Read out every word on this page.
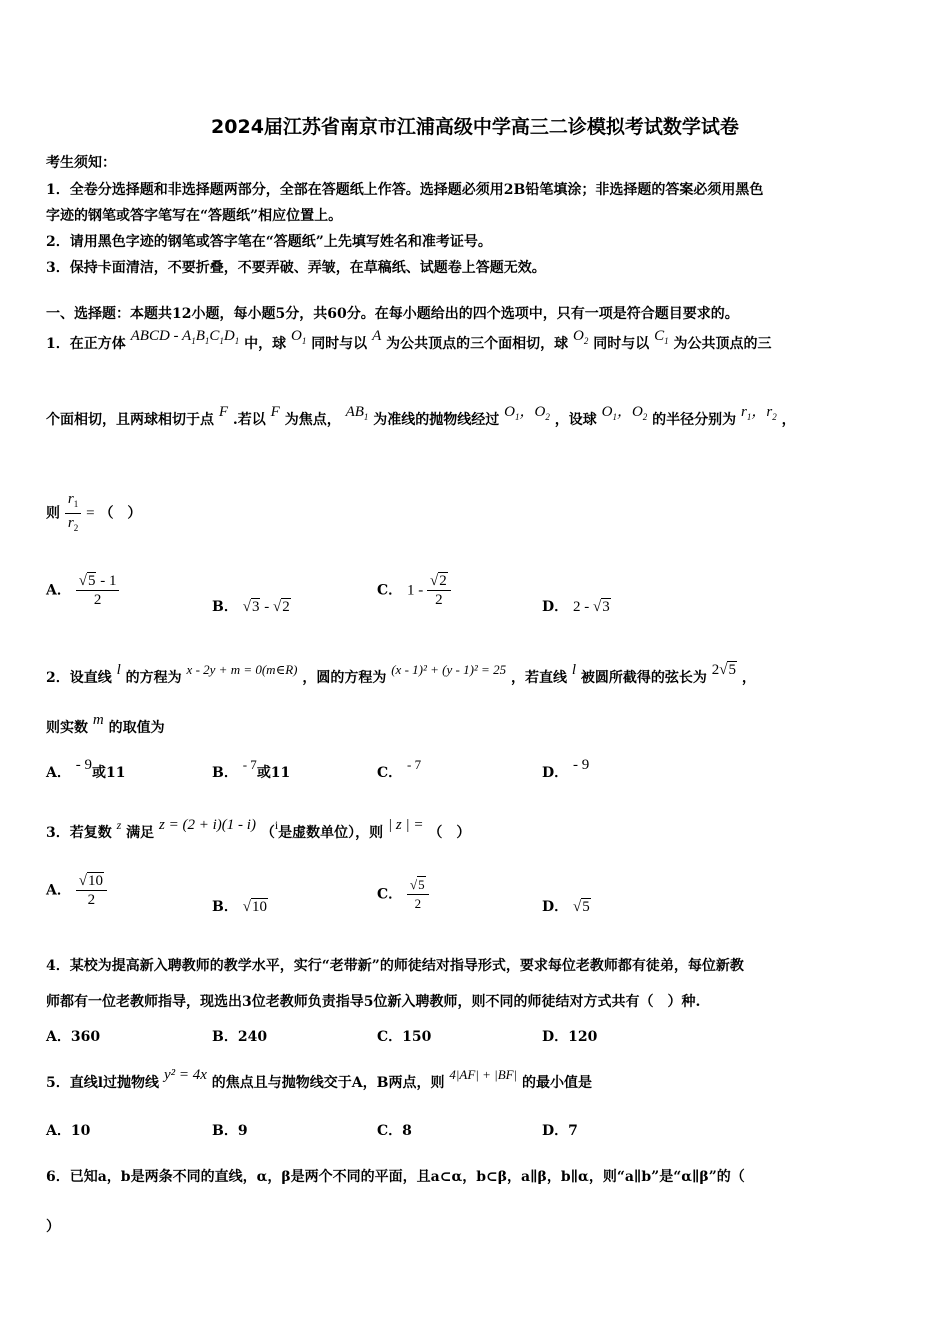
2024届江苏省南京市江浦高级中学高三二诊模拟考试数学试卷
考生须知：
1．全卷分选择题和非选择题两部分，全部在答题纸上作答。选择题必须用2B铅笔填涂；非选择题的答案必须用黑色
字迹的钢笔或答字笔写在“答题纸”相应位置上。
2．请用黑色字迹的钢笔或答字笔在“答题纸”上先填写姓名和准考证号。
3．保持卡面清洁，不要折叠，不要弄破、弄皱，在草稿纸、试题卷上答题无效。
一、选择题：本题共12小题，每小题5分，共60分。在每小题给出的四个选项中，只有一项是符合题目要求的。
1．在正方体 ABCD - $A_1B_1C_1D_1$ 中，球 $O_1$ 同时与以 A 为公共顶点的三个面相切，球 $O_2$ 同时与以 $C_1$ 为公共顶点的三
个面相切，且两球相切于点 F .若以 F 为焦点， $AB_1$ 为准线的抛物线经过 $O_1$，$O_2$ ，设球 $O_1$，$O_2$ 的半径分别为 $r_1$，$r_2$ ，
则 $\frac{r_1}{r_2}$ = （　）
A． $\frac{√5 - 1}{2}$	B． √3 - √2
C． $1 - \frac{√2}{2}$	D． 2 - √3
2．设直线 l 的方程为 x - 2y + m = 0(m∈R) ，圆的方程为 (x - 1)² + (y - 1)² = 25 ，若直线 l 被圆所截得的弦长为 2√5 ，
则实数 m 的取值为
A． - 9或11	B． - 7或11	C． - 7
D． - 9
3．若复数 z 满足 z = (2 + i)(1 - i) （i是虚数单位），则 | z | = （　）
A． $\frac{√10}{2}$	B． √10
C． $\frac{√5}{2}$	D． √5
4．某校为提高新入聘教师的教学水平，实行“老带新”的师徒结对指导形式，要求每位老教师都有徒弟，每位新教
师都有一位老教师指导，现选出3位老教师负责指导5位新入聘教师，则不同的师徒结对方式共有（　）种.
A．360	B．240	C．150	D．120
5．直线l过抛物线 y² = 4x 的焦点且与抛物线交于A，B两点，则 4|AF| + |BF| 的最小值是
A．10	B．9	C．8	D．7
6．已知a，b是两条不同的直线，α，β是两个不同的平面，且a⊂α，b⊂β，a∥β，b∥α，则“a∥b”是“α∥β”的（
）
